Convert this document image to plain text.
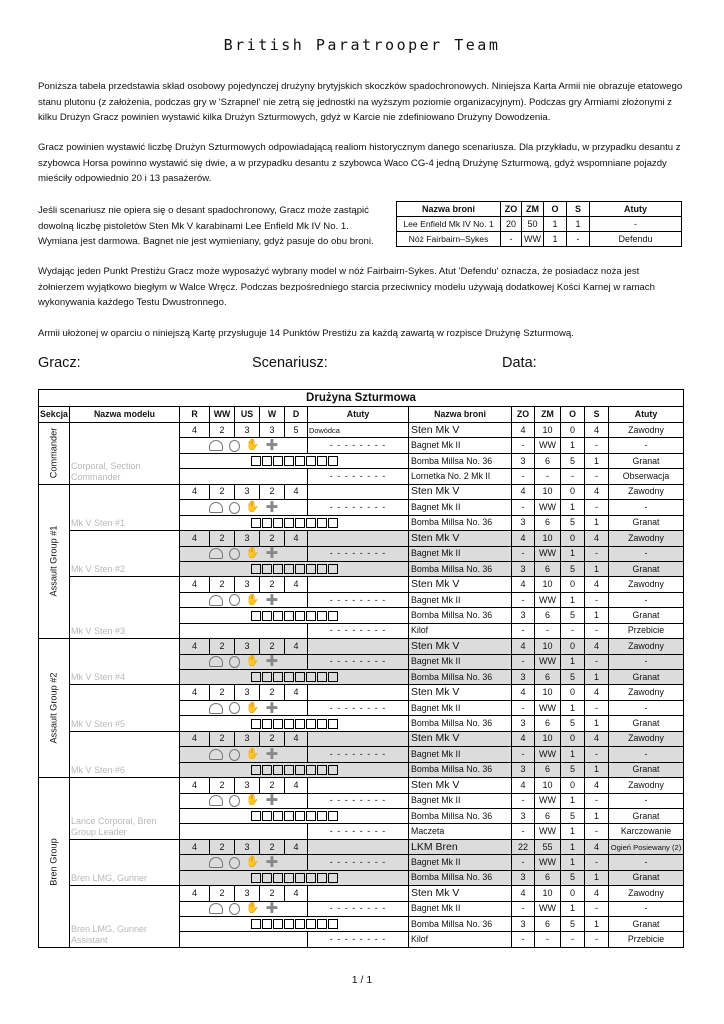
British Paratrooper Team

Poniższa tabela przedstawia skład osobowy pojedynczej drużyny brytyjskich skoczków spadochronowych. Niniejsza Karta Armii nie obrazuje etatowego stanu plutonu (z założenia, podczas gry w 'Szrapnel' nie zetrą się jednostki na wyższym poziomie organizacyjnym). Podczas gry Armiami złożonymi z kilku Drużyn Gracz powinien wystawić kilka Drużyn Szturmowych, gdyż w Karcie nie zdefiniowano Drużyny Dowodzenia.

Gracz powinien wystawić liczbę Drużyn Szturmowych odpowiadającą realiom historycznym danego scenariusza. Dla przykładu, w przypadku desantu z szybowca Horsa powinno wystawić się dwie, a w przypadku desantu z szybowca Waco CG-4 jedną Drużynę Szturmową, gdyż wspomniane pojazdy mieściły odpowiednio 20 i 13 pasażerów.

Jeśli scenariusz nie opiera się o desant spadochronowy, Gracz może zastąpić dowolną liczbę pistoletów Sten Mk V karabinami Lee Enfield Mk IV No. 1. Wymiana jest darmowa. Bagnet nie jest wymieniany, gdyż pasuje do obu broni.

Nazwa broni	ZO	ZM	O	S	Atuty
Lee Enfield Mk IV No. 1	20	50	1	1	-
Nóż Fairbairn–Sykes	-	WW	1	-	Defendu

Wydając jeden Punkt Prestiżu Gracz może wyposażyć wybrany model w nóż Fairbairn-Sykes. Atut 'Defendu' oznacza, że posiadacz noża jest żołnierzem wyjątkowo biegłym w Walce Wręcz. Podczas bezpośredniego starcia przeciwnicy modelu używają dodatkowej Kości Karnej w ramach wykonywania każdego Testu Dwustronnego.

Armii ułożonej w oparciu o niniejszą Kartę przysługuje 14 Punktów Prestiżu za każdą zawartą w rozpisce Drużynę Szturmową.

Gracz:	Scenariusz:	Data:
Drużyna Szturmowa													
Sekcja	Nazwa modelu	R	WW	US	W	D	Atuty	Nazwa broni	ZO	ZM	O	S	Atuty

Commander	Corporal, Section Commander	4	2	3	3	5	Dowódca	Sten Mk V	4	10	0	4	Zawodny

		✋ ✚					- - - - - - - -	Bagnet Mk II	-	WW	1	-	-

								Bomba Millsa No. 36	3	6	5	1	Granat
							- - - - - - - -	Lornetka No. 2 Mk II	-	-	-	-	Obserwacja

Assault Group #1	Mk V Sten #1	4	2	3	2	4		Sten Mk V	4	10	0	4	Zawodny

		✋ ✚					- - - - - - - -	Bagnet Mk II	-	WW	1	-	-

								Bomba Millsa No. 36	3	6	5	1	Granat
	Mk V Sten #2	4	2	3	2	4		Sten Mk V	4	10	0	4	Zawodny

		✋ ✚					- - - - - - - -	Bagnet Mk II	-	WW	1	-	-

								Bomba Millsa No. 36	3	6	5	1	Granat
	Mk V Sten #3	4	2	3	2	4		Sten Mk V	4	10	0	4	Zawodny

		✋ ✚					- - - - - - - -	Bagnet Mk II	-	WW	1	-	-

								Bomba Millsa No. 36	3	6	5	1	Granat
							- - - - - - - -	Kilof	-	-	-	-	Przebicie

Assault Group #2	Mk V Sten #4	4	2	3	2	4		Sten Mk V	4	10	0	4	Zawodny

		✋ ✚					- - - - - - - -	Bagnet Mk II	-	WW	1	-	-

								Bomba Millsa No. 36	3	6	5	1	Granat
	Mk V Sten #5	4	2	3	2	4		Sten Mk V	4	10	0	4	Zawodny

		✋ ✚					- - - - - - - -	Bagnet Mk II	-	WW	1	-	-

								Bomba Millsa No. 36	3	6	5	1	Granat
	Mk V Sten #6	4	2	3	2	4		Sten Mk V	4	10	0	4	Zawodny

		✋ ✚					- - - - - - - -	Bagnet Mk II	-	WW	1	-	-

								Bomba Millsa No. 36	3	6	5	1	Granat

Bren Group	Lance Corporal, Bren Group Leader	4	2	3	2	4		Sten Mk V	4	10	0	4	Zawodny

		✋ ✚					- - - - - - - -	Bagnet Mk II	-	WW	1	-	-

								Bomba Millsa No. 36	3	6	5	1	Granat
							- - - - - - - -	Maczeta	-	WW	1	-	Karczowanie
	Bren LMG, Gunner	4	2	3	2	4		LKM Bren	22	55	1	4	Ogień Posiewany (2)

		✋ ✚					- - - - - - - -	Bagnet Mk II	-	WW	1	-	-

								Bomba Millsa No. 36	3	6	5	1	Granat
	Bren LMG, Gunner Assistant	4	2	3	2	4		Sten Mk V	4	10	0	4	Zawodny

		✋ ✚					- - - - - - - -	Bagnet Mk II	-	WW	1	-	-

								Bomba Millsa No. 36	3	6	5	1	Granat
							- - - - - - - -	Kilof	-	-	-	-	Przebicie
1 / 1
